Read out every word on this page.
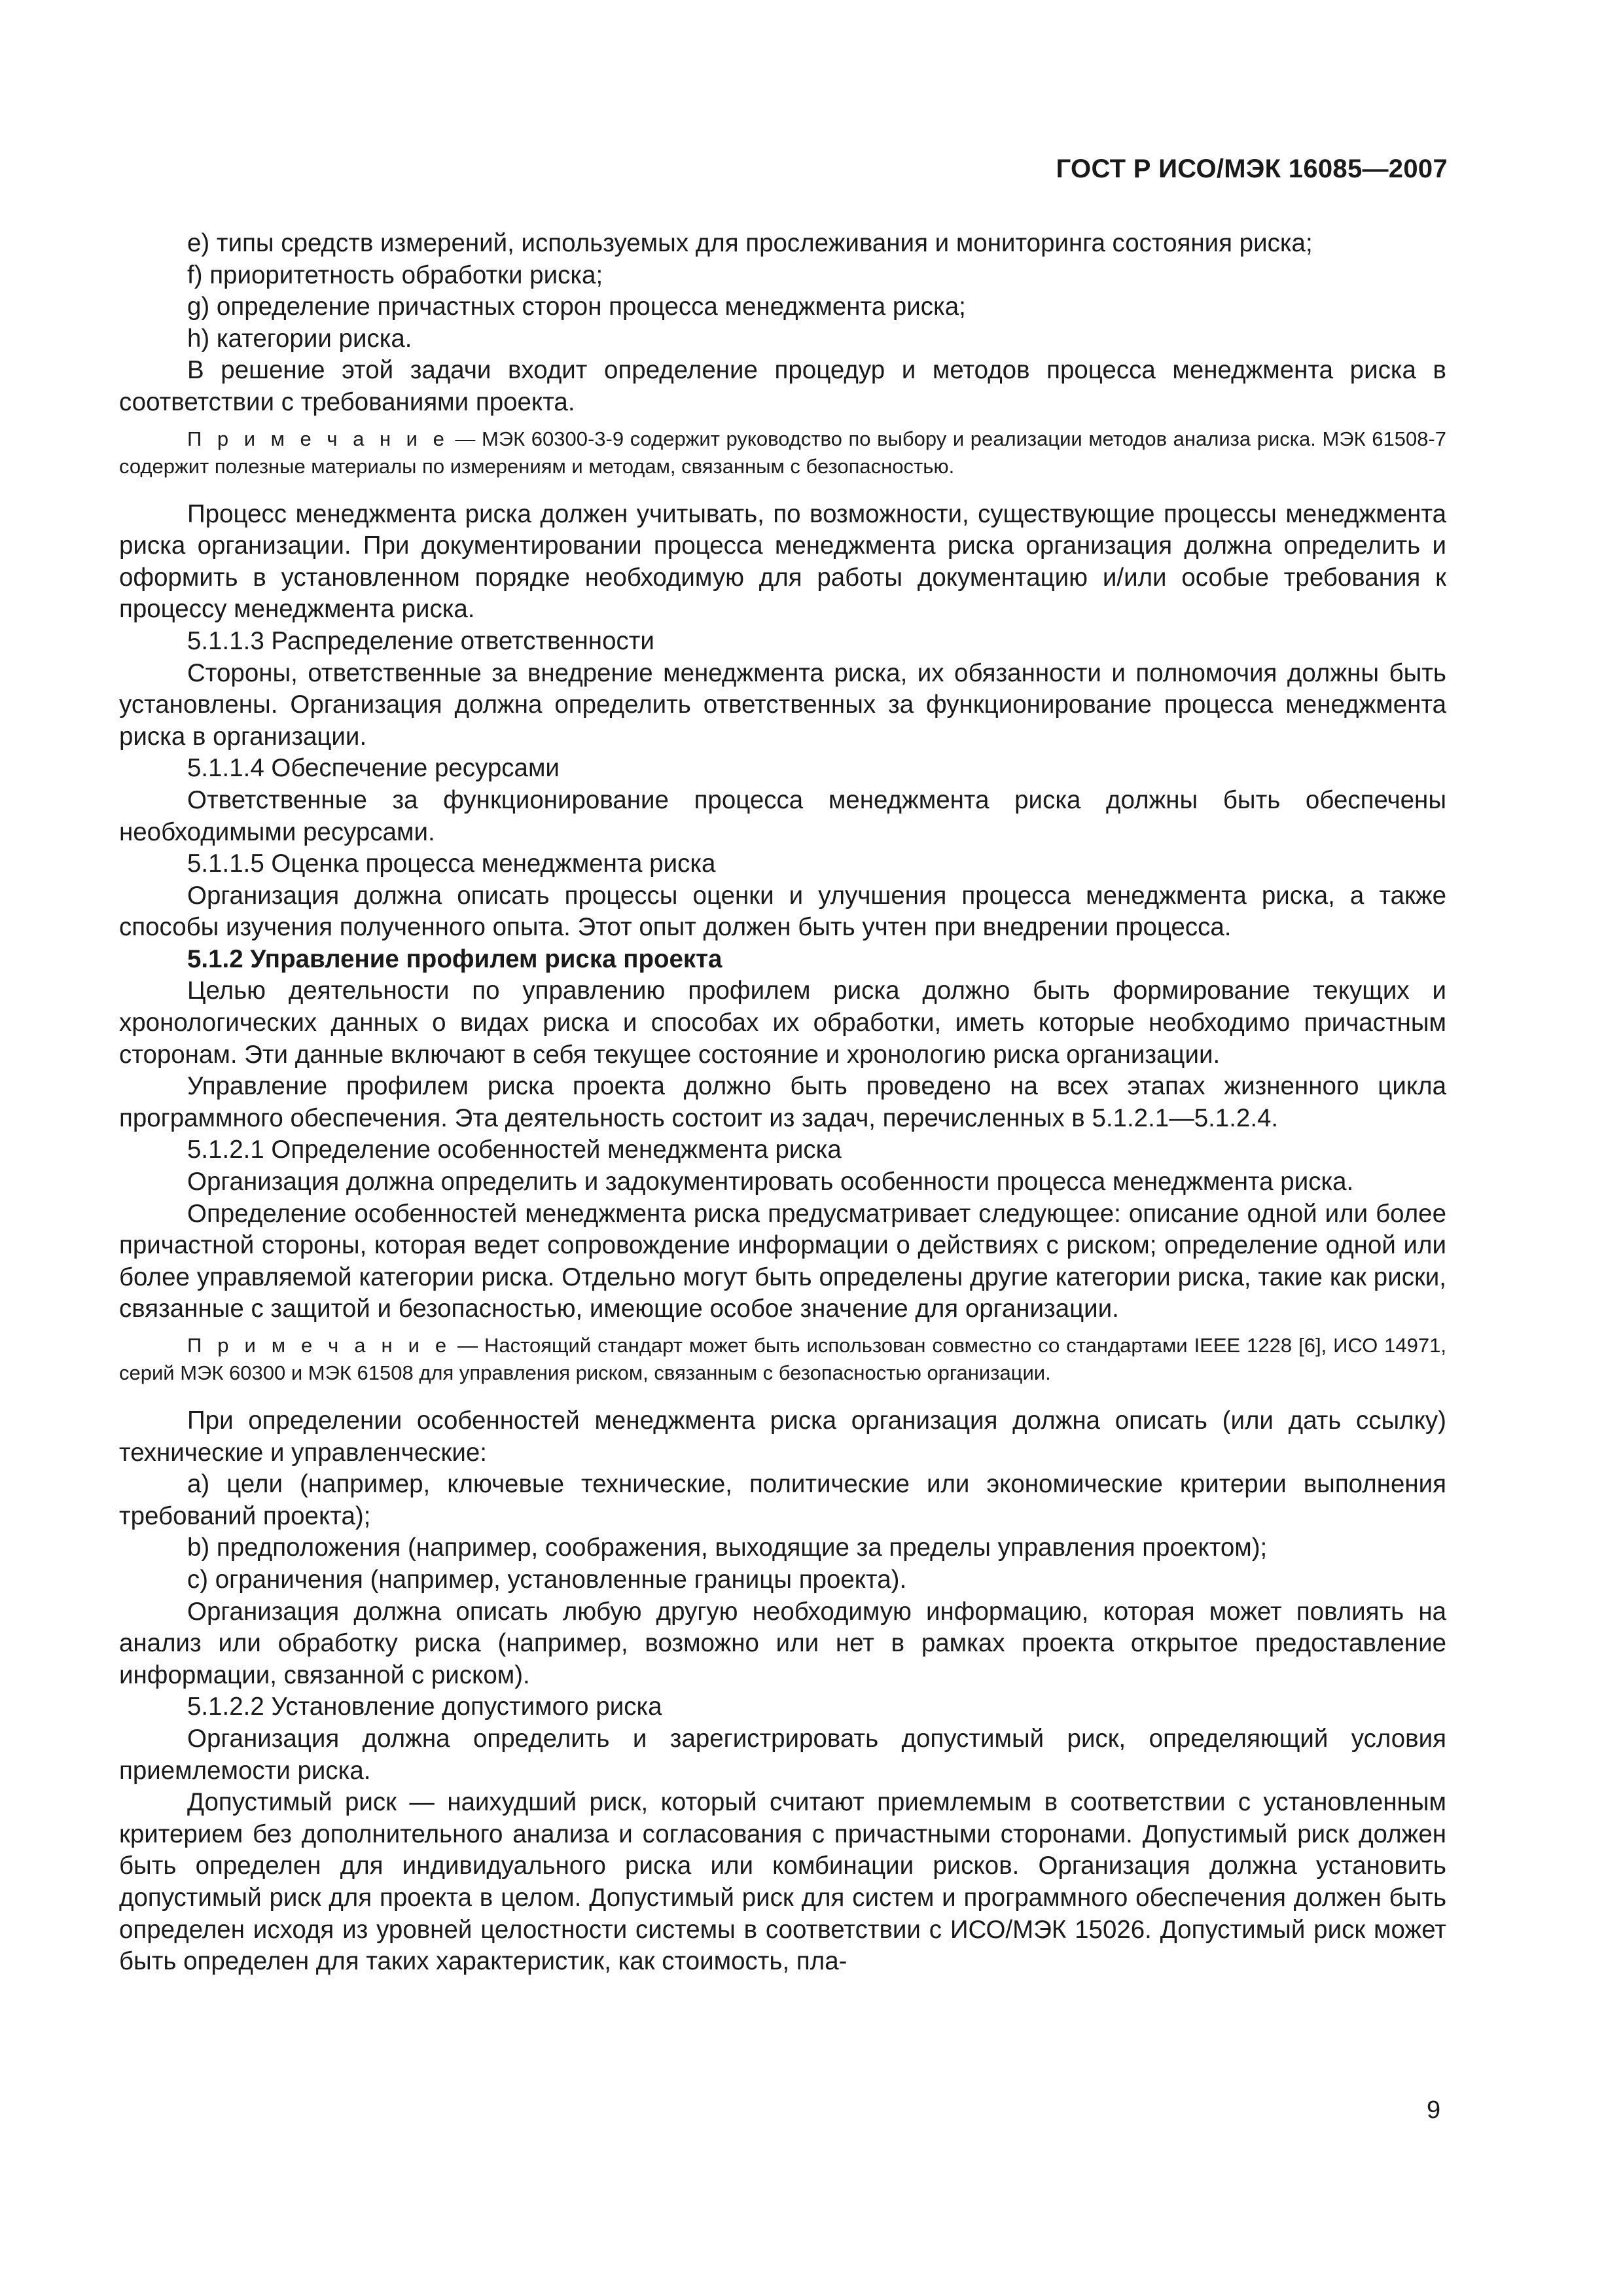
ГОСТ Р ИСО/МЭК 16085—2007

e) типы средств измерений, используемых для прослеживания и мониторинга состояния риска;

f) приоритетность обработки риска;

g) определение причастных сторон процесса менеджмента риска;

h) категории риска.

В решение этой задачи входит определение процедур и методов процесса менеджмента риска в соответствии с требованиями проекта.

П р и м е ч а н и е — МЭК 60300-3-9 содержит руководство по выбору и реализации методов анализа риска. МЭК 61508-7 содержит полезные материалы по измерениям и методам, связанным с безопасностью.

Процесс менеджмента риска должен учитывать, по возможности, существующие процессы менеджмента риска организации. При документировании процесса менеджмента риска организация должна определить и оформить в установленном порядке необходимую для работы документацию и/или особые требования к процессу менеджмента риска.

5.1.1.3 Распределение ответственности

Стороны, ответственные за внедрение менеджмента риска, их обязанности и полномочия должны быть установлены. Организация должна определить ответственных за функционирование процесса менеджмента риска в организации.

5.1.1.4 Обеспечение ресурсами

Ответственные за функционирование процесса менеджмента риска должны быть обеспечены необходимыми ресурсами.

5.1.1.5 Оценка процесса менеджмента риска

Организация должна описать процессы оценки и улучшения процесса менеджмента риска, а также способы изучения полученного опыта. Этот опыт должен быть учтен при внедрении процесса.

5.1.2 Управление профилем риска проекта

Целью деятельности по управлению профилем риска должно быть формирование текущих и хронологических данных о видах риска и способах их обработки, иметь которые необходимо причастным сторонам. Эти данные включают в себя текущее состояние и хронологию риска организации.

Управление профилем риска проекта должно быть проведено на всех этапах жизненного цикла программного обеспечения. Эта деятельность состоит из задач, перечисленных в 5.1.2.1—5.1.2.4.

5.1.2.1 Определение особенностей менеджмента риска

Организация должна определить и задокументировать особенности процесса менеджмента риска.

Определение особенностей менеджмента риска предусматривает следующее: описание одной или более причастной стороны, которая ведет сопровождение информации о действиях с риском; определение одной или более управляемой категории риска. Отдельно могут быть определены другие категории риска, такие как риски, связанные с защитой и безопасностью, имеющие особое значение для организации.

П р и м е ч а н и е — Настоящий стандарт может быть использован совместно со стандартами IEEE 1228 [6], ИСО 14971, серий МЭК 60300 и МЭК 61508 для управления риском, связанным с безопасностью организации.

При определении особенностей менеджмента риска организация должна описать (или дать ссылку) технические и управленческие:

a) цели (например, ключевые технические, политические или экономические критерии выполнения требований проекта);

b) предположения (например, соображения, выходящие за пределы управления проектом);

c) ограничения (например, установленные границы проекта).

Организация должна описать любую другую необходимую информацию, которая может повлиять на анализ или обработку риска (например, возможно или нет в рамках проекта открытое предоставление информации, связанной с риском).

5.1.2.2 Установление допустимого риска

Организация должна определить и зарегистрировать допустимый риск, определяющий условия приемлемости риска.

Допустимый риск — наихудший риск, который считают приемлемым в соответствии с установленным критерием без дополнительного анализа и согласования с причастными сторонами. Допустимый риск должен быть определен для индивидуального риска или комбинации рисков. Организация должна установить допустимый риск для проекта в целом. Допустимый риск для систем и программного обеспечения должен быть определен исходя из уровней целостности системы в соответствии с ИСО/МЭК 15026. Допустимый риск может быть определен для таких характеристик, как стоимость, пла-

9
